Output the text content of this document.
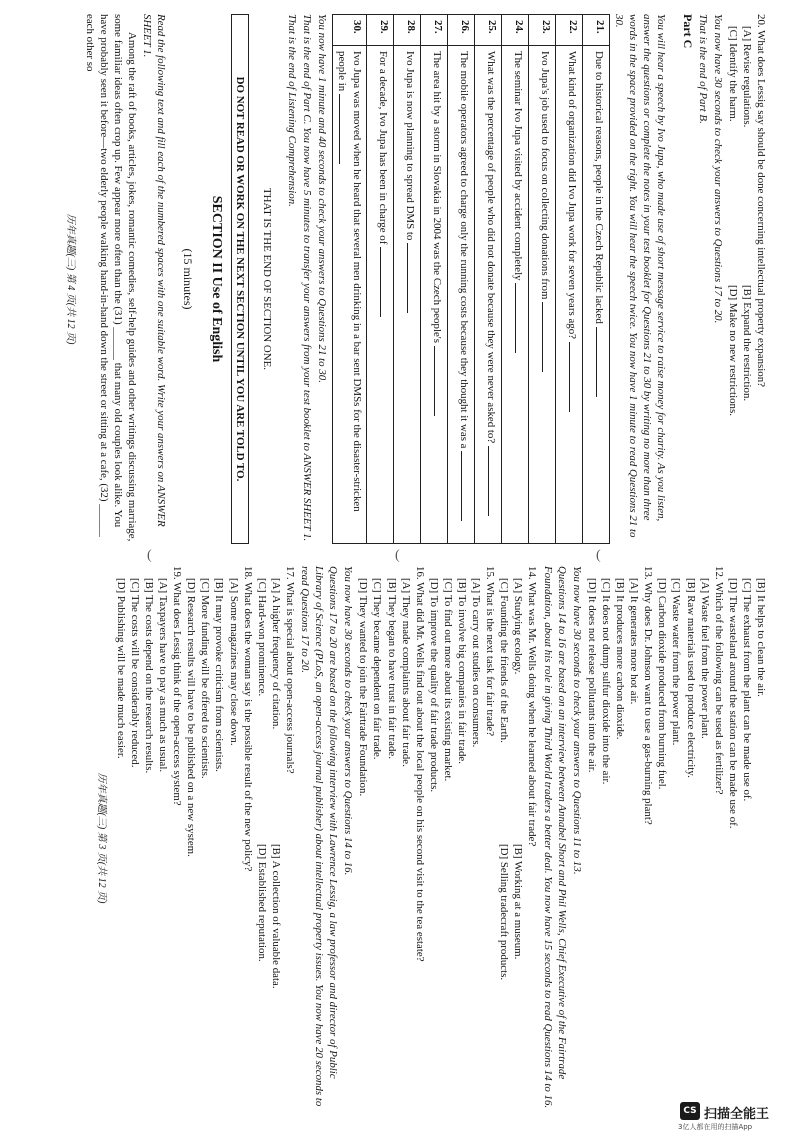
[B] It helps to clean the air.

[C] The exhaust from the plant can be made use of.

[D] The wasteland around the station can be made use of.

12. Which of the following can be used as fertilizer?

[A] Waste fuel from the power plant.

[B] Raw materials used to produce electricity.

[C] Waste water from the power plant.

[D] Carbon dioxide produced from burning fuel.

13. Why does Dr. Johnson want to use a gas-burning plant?

[A] It generates more hot air.

[B] It produces more carbon dioxide.

[C] It does not dump sulfur dioxide into the air.

[D] It does not release pollutants into the air.

You now have 30 seconds to check your answers to Questions 11 to 13.

Questions 14 to 16 are based on an interview between Annabel Short and Phil Wells, Chief Executive of the Fairtrade Foundation, about his role in giving Third World traders a better deal. You now have 15 seconds to read Questions 14 to 16.

14. What was Mr. Wells doing when he learned about fair trade?

[A] Studying ecology.
[B] Working at a museum.
[C] Founding the friends of the Earth.
[D] Selling tradecraft products.

15. What is the next task for fair trade?

[A] To carry out studies on consumers.

[B] To involve big companies in fair trade.

[C] To find out more about its existing market.

[D] To improve the quality of fair trade products.

16. What did Mr. Wells find out about the local people on his second visit to the tea estate?

[A] They made complaints about fair trade.

[B] They began to have trust in fair trade.

[C] They became dependent on fair trade.

[D] They wanted to join the Fairtrade Foundation.

You now have 30 seconds to check your answers to Questions 14 to 16.

Questions 17 to 20 are based on the following interview with Lawrence Lessig, a law professor and director of Public Library of Science (PLoS, an open-access journal publisher) about intellectual property issues. You now have 20 seconds to read Questions 17 to 20.

17. What is special about open-access journals?

[A] A higher frequency of citation.
[B] A collection of valuable data.
[C] Hard-won prominence.
[D] Established reputation.

18. What does the woman say is the possible result of the new policy?

[A] Some magazines may close down.

[B] It may provoke criticism from scientists.

[C] More funding will be offered to scientists.

[D] Research results will have to be published on a new system.

19. What does Lessig think of the open-access system?

[A] Taxpayers have to pay as much as usual.

[B] The costs depend on the research results.

[C] The costs will be considerably reduced.

[D] Publishing will be made much easier.

历年真题(三) 第 3 页(共 12 页)

20. What does Lessig say should be done concerning intellectual property expansion?

[A] Revise regulations.
[B] Expand the restriction.
[C] Identify the harm.
[D] Make no new restrictions.

You now have 30 seconds to check your answers to Questions 17 to 20.

That is the end of Part B.

Part C

You will hear a speech by Ivo Jupa, who made use of short message service to raise money for charity. As you listen, answer the questions or complete the notes in your test booklet for Questions 21 to 30 by writing no more than three words in the space provided on the right. You will hear the speech twice. You now have 1 minute to read Questions 21 to 30.

21.	Due to historical reasons, people in the Czech Republic lacked
22.	What kind of organization did Ivo Jupa work for seven years ago?
23.	Ivo Jupa's job used to focus on collecting donations from
24.	The seminar Ivo Jupa visited by accident completely
25.	What was the percentage of people who did not donate because they were never asked to?
26.	The mobile operators agreed to charge only the running costs because they thought it was a
27.	The area hit by a storm in Slovakia in 2004 was the Czech people's
28.	Ivo Jupa is now planning to spread DMS to
29.	For a decade, Ivo Jupa has been in charge of
30.	Ivo Jupa was moved when he heard that several men drinking in a bar sent DMSs for the disaster-stricken people in

You now have 1 minute and 40 seconds to check your answers to Questions 21 to 30.

That is the end of Part C. You now have 5 minutes to transfer your answers from your test booklet to ANSWER SHEET 1.

That is the end of Listening Comprehension.

THAT IS THE END OF SECTION ONE.

DO NOT READ OR WORK ON THE NEXT SECTION UNTIL YOU ARE TOLD TO.

SECTION II Use of English

(15 minutes)

Read the following text and fill each of the numbered spaces with one suitable word. Write your answers on ANSWER SHEET 1.

Among the raft of books, articles, jokes, romantic comedies, self-help guides and other writings discussing marriage, some familiar ideas often crop up. Few appear more often than the (31) ______ that many old couples look alike. You have probably seen it before—two elderly people walking hand-in-hand down the street or sitting at a cafe, (32) ______ each other so

历年真题(三) 第 4 页(共 12 页)

(	(	(
CS 扫描全能王
3亿人都在用的扫描App
